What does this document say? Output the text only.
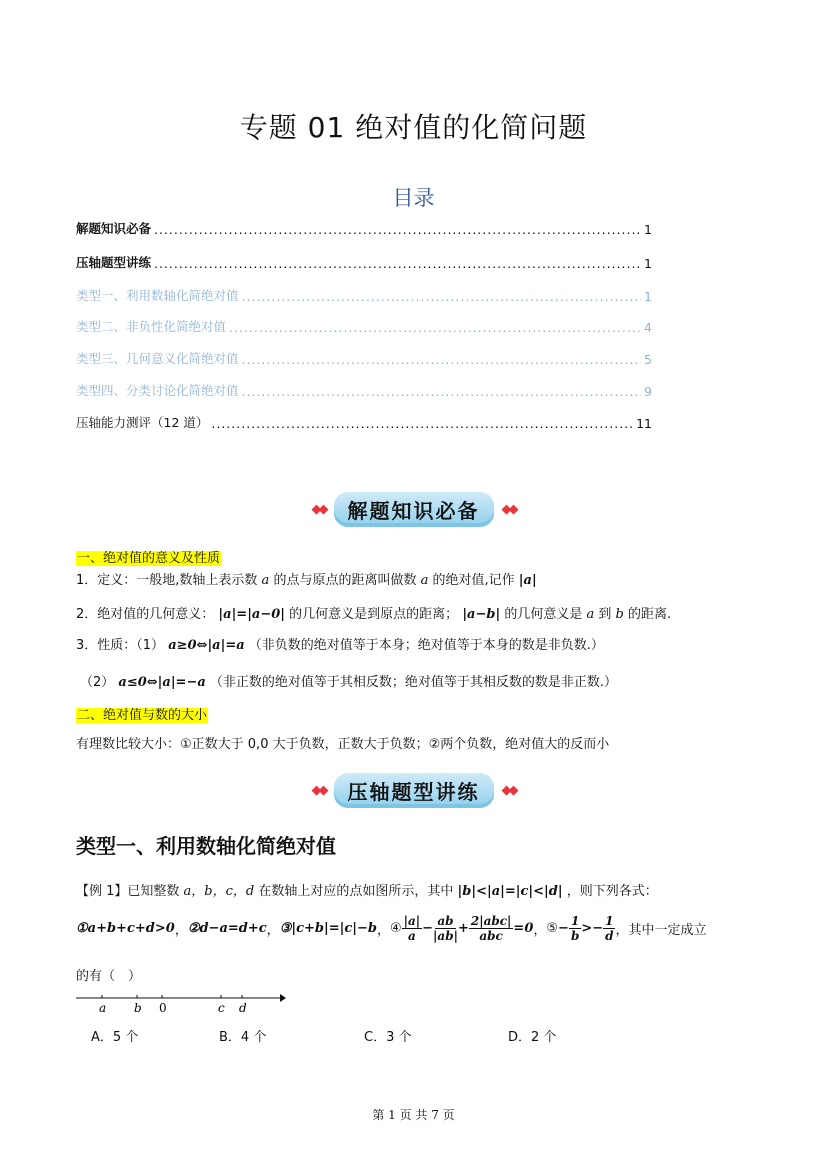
专题 01 绝对值的化简问题
目录
解题知识必备 .....	1
压轴题型讲练 .....	1
类型一、利用数轴化简绝对值 .....	1
类型二、非负性化简绝对值 .....	4
类型三、几何意义化简绝对值 .....	5
类型四、分类讨论化简绝对值 .....	9
压轴能力测评（12 道） .....	11
◆◆	解题知识必备	◆◆
一、绝对值的意义及性质
1．定义：一般地,数轴上表示数 a 的点与原点的距离叫做数 a 的绝对值,记作 |a|
2．绝对值的几何意义： |a|=|a−0| 的几何意义是到原点的距离； |a−b| 的几何意义是 a 到 b 的距离.
3．性质：（1） a≥0⇔|a|=a （非负数的绝对值等于本身；绝对值等于本身的数是非负数.）
（2） a≤0⇔|a|=−a （非正数的绝对值等于其相反数；绝对值等于其相反数的数是非正数.）
二、绝对值与数的大小
有理数比较大小：①正数大于 0,0 大于负数，正数大于负数；②两个负数，绝对值大的反而小
◆◆	压轴题型讲练	◆◆
类型一、利用数轴化简绝对值
【例 1】已知整数 a，b，c，d 在数轴上对应的点如图所示，其中 |b|<|a|=|c|<|d| ，则下列各式：
①a+b+c+d>0 ， ②d−a=d+c ， ③|c+b|=|c|−b ， ④ $\frac{|a|}{a} - \frac{ab}{|ab|} + \frac{\text{2|abc|}}{\text{abc}} =0$ ， ⑤ − $\frac{1}{b} >- \frac{1}{d}$ ，其中一定成立
的有（　）
a b 0	c d
A．5 个	B．4 个	C．3 个	D．2 个
第 1 页 共 7 页
